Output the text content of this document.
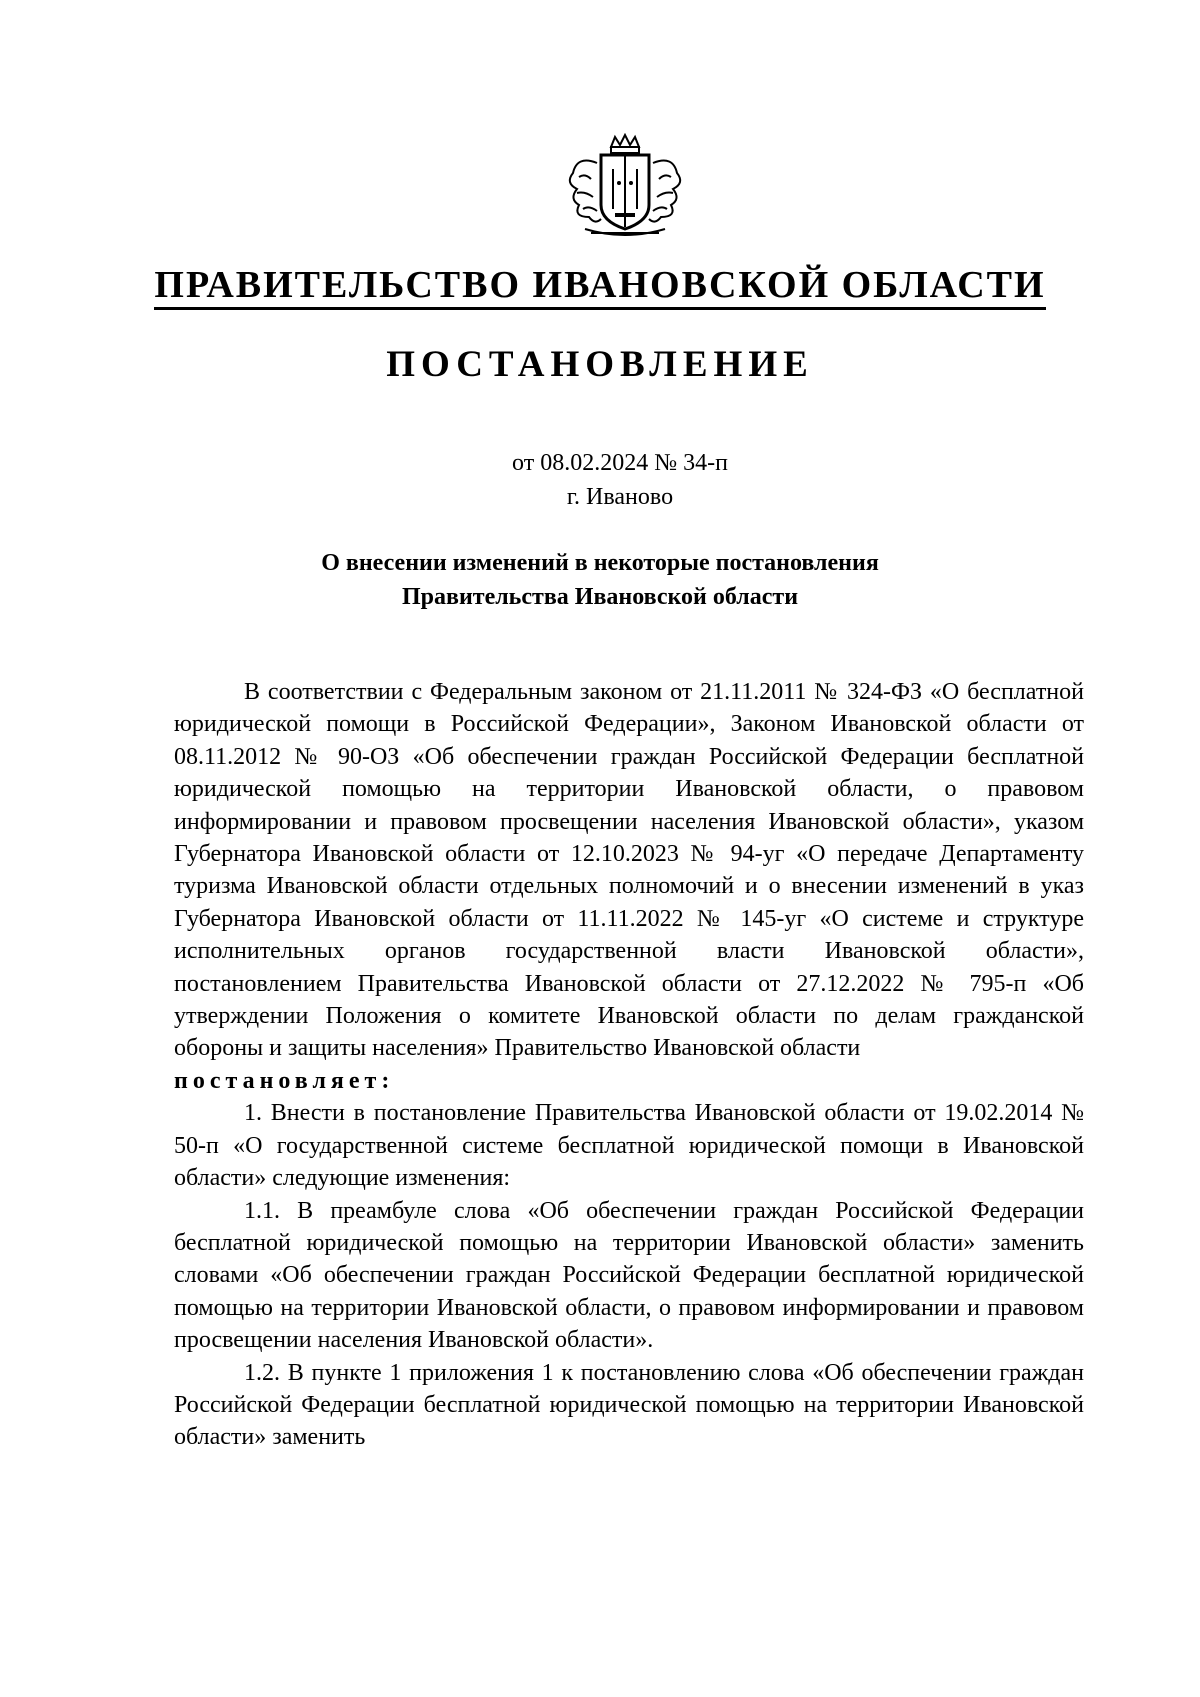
ПРАВИТЕЛЬСТВО ИВАНОВСКОЙ ОБЛАСТИ
ПОСТАНОВЛЕНИЕ
от 08.02.2024 № 34-п
г. Иваново
О внесении изменений в некоторые постановления
Правительства Ивановской области

В соответствии с Федеральным законом от 21.11.2011 № 324-ФЗ «О бесплатной юридической помощи в Российской Федерации», Законом Ивановской области от 08.11.2012 № 90-ОЗ «Об обеспечении граждан Российской Федерации бесплатной юридической помощью на территории Ивановской области, о правовом информировании и правовом просвещении населения Ивановской области», указом Губернатора Ивановской области от 12.10.2023 № 94-уг «О передаче Департаменту туризма Ивановской области отдельных полномочий и о внесении изменений в указ Губернатора Ивановской области от 11.11.2022 № 145-уг «О системе и структуре исполнительных органов государственной власти Ивановской области», постановлением Правительства Ивановской области от 27.12.2022 № 795-п «Об утверждении Положения о комитете Ивановской области по делам гражданской обороны и защиты населения» Правительство Ивановской области

постановляет:

1. Внести в постановление Правительства Ивановской области от 19.02.2014 № 50-п «О государственной системе бесплатной юридической помощи в Ивановской области» следующие изменения:

1.1. В преамбуле слова «Об обеспечении граждан Российской Федерации бесплатной юридической помощью на территории Ивановской области» заменить словами «Об обеспечении граждан Российской Федерации бесплатной юридической помощью на территории Ивановской области, о правовом информировании и правовом просвещении населения Ивановской области».

1.2. В пункте 1 приложения 1 к постановлению слова «Об обеспечении граждан Российской Федерации бесплатной юридической помощью на территории Ивановской области» заменить
